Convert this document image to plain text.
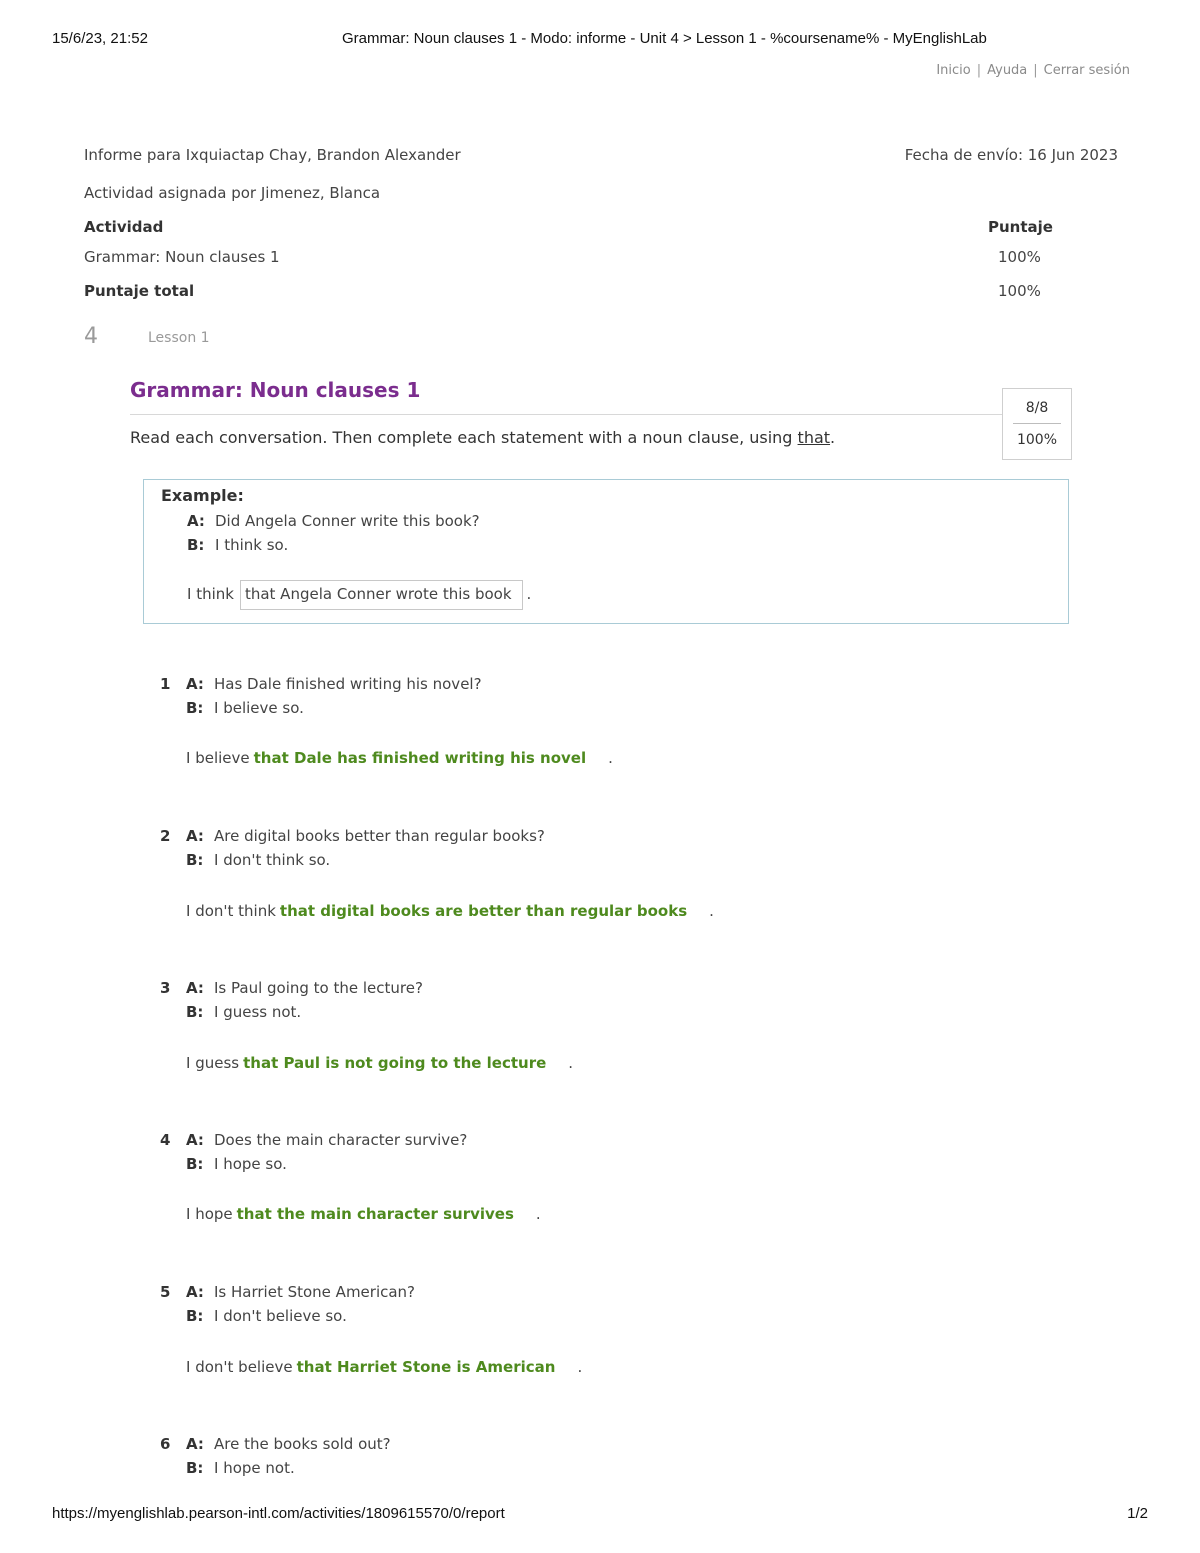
15/6/23, 21:52	Grammar: Noun clauses 1 - Modo: informe - Unit 4 > Lesson 1 - %coursename% - MyEnglishLab
Inicio | Ayuda | Cerrar sesión
Informe para Ixquiactap Chay, Brandon Alexander	Fecha de envío: 16 Jun 2023
Actividad asignada por Jimenez, Blanca
Actividad	Puntaje
Grammar: Noun clauses 1	100%
Puntaje total	100%
4	Lesson 1
Grammar: Noun clauses 1
Read each conversation. Then complete each statement with a noun clause, using that.
8/8
100%
Example:
A: Did Angela Conner write this book?
B: I think so.
I think that Angela Conner wrote this book .
1 A: Has Dale finished writing his novel?
B: I believe so.
I believe that Dale has finished writing his novel .
2 A: Are digital books better than regular books?
B: I don't think so.
I don't think that digital books are better than regular books .
3 A: Is Paul going to the lecture?
B: I guess not.
I guess that Paul is not going to the lecture .
4 A: Does the main character survive?
B: I hope so.
I hope that the main character survives .
5 A: Is Harriet Stone American?
B: I don't believe so.
I don't believe that Harriet Stone is American .
6 A: Are the books sold out?
B: I hope not.
https://myenglishlab.pearson-intl.com/activities/1809615570/0/report	1/2
